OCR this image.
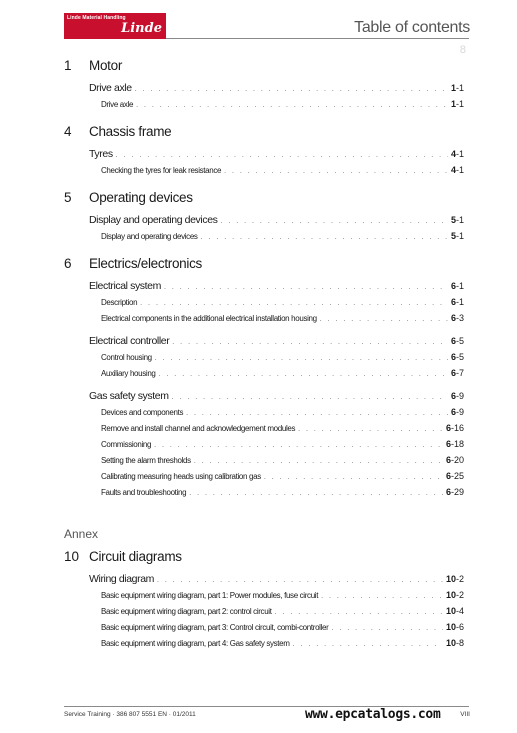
Linde Material Handling
Linde	Table of contents
8
1	Motor
Drive axle . . .	1-1
Drive axle . . .	1-1
4	Chassis frame
Tyres . . .	4-1
Checking the tyres for leak resistance . . .	4-1
5	Operating devices
Display and operating devices . . .	5-1
Display and operating devices . . .	5-1
6	Electrics/electronics
Electrical system . . .	6-1
Description . . .	6-1
Electrical components in the additional electrical installation housing . . .	6-3
Electrical controller . . .	6-5
Control housing . . .	6-5
Auxiliary housing . . .	6-7
Gas safety system . . .	6-9
Devices and components . . .	6-9
Remove and install channel and acknowledgement modules . . .	6-16
Commissioning . . .	6-18
Setting the alarm thresholds . . .	6-20
Calibrating measuring heads using calibration gas . . .	6-25
Faults and troubleshooting . . .	6-29
Annex
10 Circuit diagrams
Wiring diagram . . .	10-2
Basic equipment wiring diagram, part 1: Power modules, fuse circuit . . .	10-2
Basic equipment wiring diagram, part 2: control circuit . . .	10-4
Basic equipment wiring diagram, part 3: Control circuit, combi-controller . . .	10-6
Basic equipment wiring diagram, part 4: Gas safety system . . .	10-8
Service Training · 386 807 5551 EN · 01/2011	www.epcatalogs.com	VIII
